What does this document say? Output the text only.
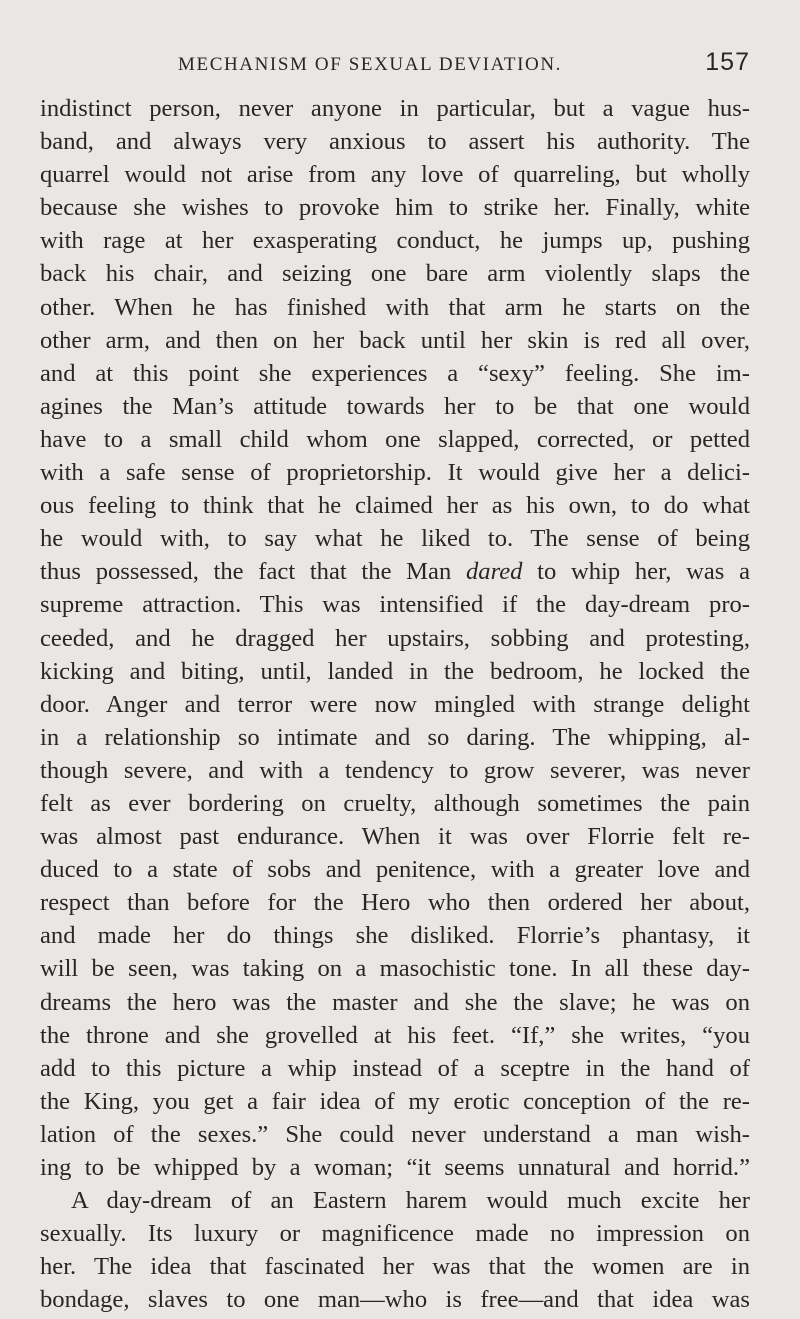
MECHANISM OF SEXUAL DEVIATION.	157
indistinct person, never anyone in particular, but a vague hus-
band, and always very anxious to assert his authority. The
quarrel would not arise from any love of quarreling, but wholly
because she wishes to provoke him to strike her. Finally, white
with rage at her exasperating conduct, he jumps up, pushing
back his chair, and seizing one bare arm violently slaps the
other. When he has finished with that arm he starts on the
other arm, and then on her back until her skin is red all over,
and at this point she experiences a “sexy” feeling. She im-
agines the Man’s attitude towards her to be that one would
have to a small child whom one slapped, corrected, or petted
with a safe sense of proprietorship. It would give her a delici-
ous feeling to think that he claimed her as his own, to do what
he would with, to say what he liked to. The sense of being
thus possessed, the fact that the Man dared to whip her, was a
supreme attraction. This was intensified if the day-dream pro-
ceeded, and he dragged her upstairs, sobbing and protesting,
kicking and biting, until, landed in the bedroom, he locked the
door. Anger and terror were now mingled with strange delight
in a relationship so intimate and so daring. The whipping, al-
though severe, and with a tendency to grow severer, was never
felt as ever bordering on cruelty, although sometimes the pain
was almost past endurance. When it was over Florrie felt re-
duced to a state of sobs and penitence, with a greater love and
respect than before for the Hero who then ordered her about,
and made her do things she disliked. Florrie’s phantasy, it
will be seen, was taking on a masochistic tone. In all these day-
dreams the hero was the master and she the slave; he was on
the throne and she grovelled at his feet. “If,” she writes, “you
add to this picture a whip instead of a sceptre in the hand of
the King, you get a fair idea of my erotic conception of the re-
lation of the sexes.” She could never understand a man wish-
ing to be whipped by a woman; “it seems unnatural and horrid.”
A day-dream of an Eastern harem would much excite her
sexually. Its luxury or magnificence made no impression on
her. The idea that fascinated her was that the women are in
bondage, slaves to one man—who is free—and that idea was
